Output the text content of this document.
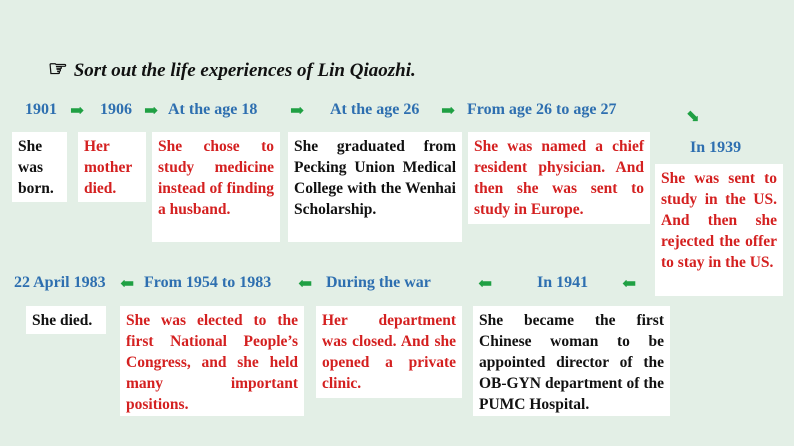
☞ Sort out the life experiences of Lin Qiaozhi.
1901 ➡ 1906 ➡ At the age 18 ➡ At the age 26 ➡ From age 26 to age 27	➡
In 1939
She was born.
Her mother died.
She chose to study medicine instead of finding a husband.
She graduated from Pecking Union Medical College with the Wenhai Scholarship.
She was named a chief resident physician. And then she was sent to study in Europe.
She was sent to study in the US. And then she rejected the offer to stay in the US.
⬅
In 1941
⬅
During the war
⬅
From 1954 to 1983
⬅
22 April 1983
She became the first Chinese woman to be appointed director of the OB-GYN department of the PUMC Hospital.
Her department was closed. And she opened a private clinic.
She was elected to the first National People’s Congress, and she held many important positions.
She died.
